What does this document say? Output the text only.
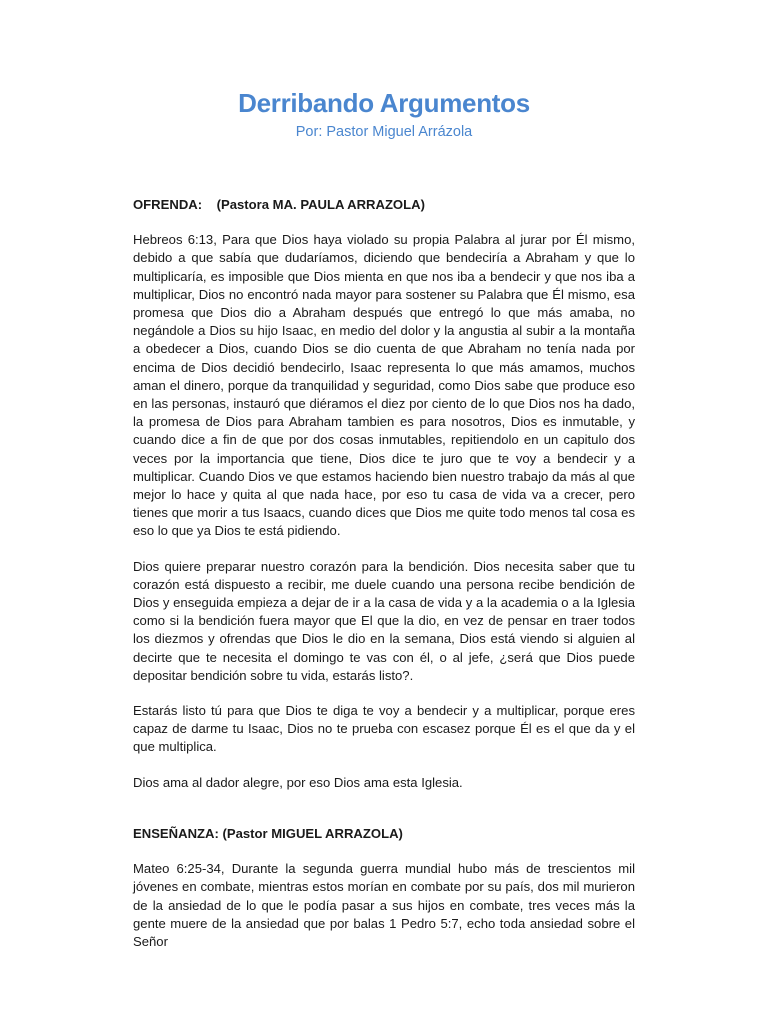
Derribando Argumentos
Por: Pastor Miguel Arrázola
OFRENDA:    (Pastora MA. PAULA ARRAZOLA)

Hebreos 6:13, Para que Dios haya violado su propia Palabra al jurar por Él mismo, debido a que sabía que dudaríamos, diciendo que bendeciría a Abraham y que lo multiplicaría, es imposible que Dios mienta en que nos iba a bendecir y que nos iba a multiplicar, Dios no encontró nada mayor para sostener su Palabra que Él mismo, esa promesa que Dios dio a Abraham después que entregó lo que más amaba, no negándole a Dios su hijo Isaac, en medio del dolor y la angustia al subir a la montaña a obedecer a Dios, cuando Dios se dio cuenta de que Abraham no tenía nada por encima de Dios decidió bendecirlo, Isaac representa lo que más amamos, muchos aman el dinero, porque da tranquilidad y seguridad, como Dios sabe que produce eso en las personas, instauró que diéramos el diez por ciento de lo que Dios nos ha dado, la promesa de Dios para Abraham tambien es para nosotros, Dios es inmutable, y cuando dice a fin de que por dos cosas inmutables, repitiendolo en un capitulo dos veces por la importancia que tiene, Dios dice te juro que te voy a bendecir y a multiplicar. Cuando Dios ve que estamos haciendo bien nuestro trabajo da más al que mejor lo hace y quita al que nada hace, por eso tu casa de vida va a crecer, pero tienes que morir a tus Isaacs, cuando dices que Dios me quite todo menos tal cosa es eso lo que ya Dios te está pidiendo.

Dios quiere preparar nuestro corazón para la bendición. Dios necesita saber que tu corazón está dispuesto a recibir, me duele cuando una persona recibe bendición de Dios y enseguida empieza a dejar de ir a la casa de vida y a la academia o a la Iglesia como si la bendición fuera mayor que El que la dio, en vez de pensar en traer todos los diezmos y ofrendas que Dios le dio en la semana, Dios está viendo si alguien al decirte que te necesita el domingo te vas con él, o al jefe, ¿será que Dios puede depositar bendición sobre tu vida, estarás listo?.

Estarás listo tú para que Dios te diga te voy a bendecir y a multiplicar, porque eres capaz de darme tu Isaac, Dios no te prueba con escasez porque Él es el que da y el que multiplica.

Dios ama al dador alegre, por eso Dios ama esta Iglesia.

ENSEÑANZA: (Pastor MIGUEL ARRAZOLA)

Mateo 6:25-34, Durante la segunda guerra mundial hubo más de trescientos mil jóvenes en combate, mientras estos morían en combate por su país, dos mil murieron de la ansiedad de lo que le podía pasar a sus hijos en combate, tres veces más la gente muere de la ansiedad que por balas 1 Pedro 5:7, echo toda ansiedad sobre el Señor
